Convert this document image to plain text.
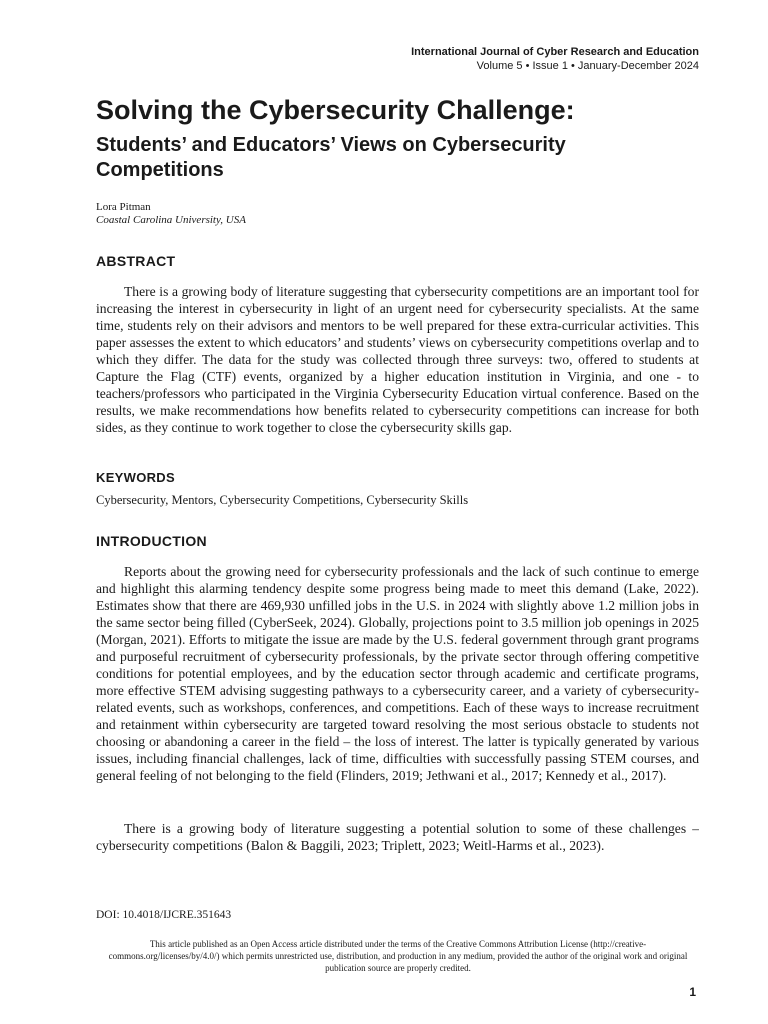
International Journal of Cyber Research and Education
Volume 5 • Issue 1 • January-December 2024
Solving the Cybersecurity Challenge:
Students’ and Educators’ Views on Cybersecurity Competitions
Lora Pitman
Coastal Carolina University, USA
ABSTRACT

There is a growing body of literature suggesting that cybersecurity competitions are an important tool for increasing the interest in cybersecurity in light of an urgent need for cybersecurity specialists. At the same time, students rely on their advisors and mentors to be well prepared for these extra-curricular activities. This paper assesses the extent to which educators’ and students’ views on cybersecurity competitions overlap and to which they differ. The data for the study was collected through three surveys: two, offered to students at Capture the Flag (CTF) events, organized by a higher education institution in Virginia, and one - to teachers/professors who participated in the Virginia Cybersecurity Education virtual conference. Based on the results, we make recommendations how benefits related to cybersecurity competitions can increase for both sides, as they continue to work together to close the cybersecurity skills gap.

KEYWORDS
Cybersecurity, Mentors, Cybersecurity Competitions, Cybersecurity Skills
INTRODUCTION

Reports about the growing need for cybersecurity professionals and the lack of such continue to emerge and highlight this alarming tendency despite some progress being made to meet this demand (Lake, 2022). Estimates show that there are 469,930 unfilled jobs in the U.S. in 2024 with slightly above 1.2 million jobs in the same sector being filled (CyberSeek, 2024). Globally, projections point to 3.5 million job openings in 2025 (Morgan, 2021). Efforts to mitigate the issue are made by the U.S. federal government through grant programs and purposeful recruitment of cybersecurity professionals, by the private sector through offering competitive conditions for potential employees, and by the education sector through academic and certificate programs, more effective STEM advising suggesting pathways to a cybersecurity career, and a variety of cybersecurity-related events, such as workshops, conferences, and competitions. Each of these ways to increase recruitment and retainment within cybersecurity are targeted toward resolving the most serious obstacle to students not choosing or abandoning a career in the field – the loss of interest. The latter is typically generated by various issues, including financial challenges, lack of time, difficulties with successfully passing STEM courses, and general feeling of not belonging to the field (Flinders, 2019; Jethwani et al., 2017; Kennedy et al., 2017).

There is a growing body of literature suggesting a potential solution to some of these challenges – cybersecurity competitions (Balon & Baggili, 2023; Triplett, 2023; Weitl-Harms et al., 2023).

DOI: 10.4018/IJCRE.351643

This article published as an Open Access article distributed under the terms of the Creative Commons Attribution License (http://creative-commons.org/licenses/by/4.0/) which permits unrestricted use, distribution, and production in any medium, provided the author of the original work and original publication source are properly credited.

1
